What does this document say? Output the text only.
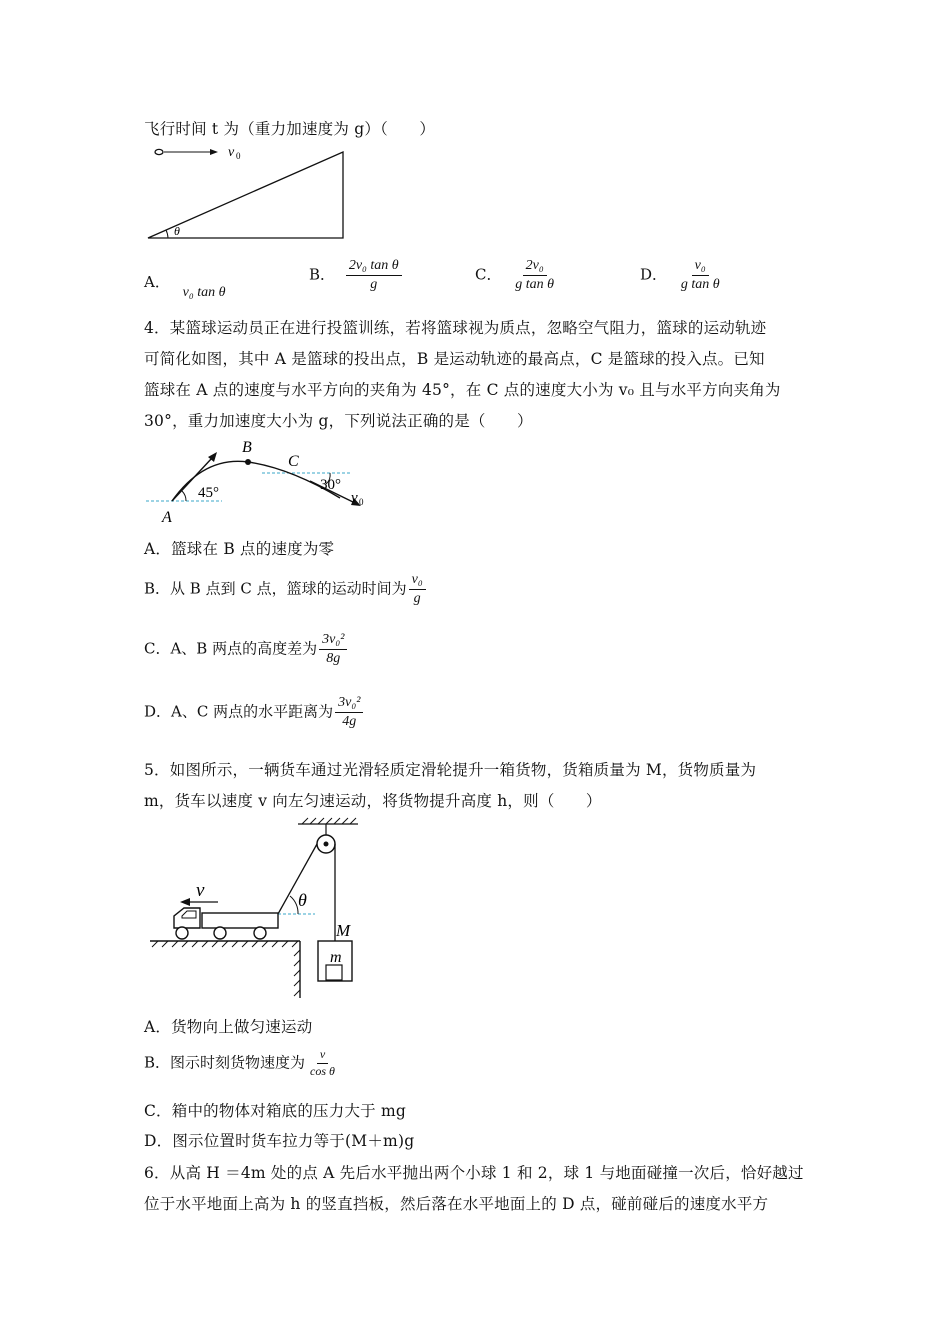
飞行时间 t 为（重力加速度为 g）（　　）
v 0
θ
A． v₀ tan θ
B． $\frac{\text{2v₀ tan θ}}{g}$	C． $\frac{\text{2v₀}}{\text{g tan θ}}$	D． $\frac{\text{v₀}}{\text{g tan θ}}$
4．某篮球运动员正在进行投篮训练，若将篮球视为质点，忽略空气阻力，篮球的运动轨迹
可简化如图，其中 A 是篮球的投出点，B 是运动轨迹的最高点，C 是篮球的投入点。已知
篮球在 A 点的速度与水平方向的夹角为 45°，在 C 点的速度大小为 v₀ 且与水平方向夹角为
30°，重力加速度大小为 g，下列说法正确的是（　　）
45°	30°
A
B
C
v 0
A．篮球在 B 点的速度为零
B．从 B 点到 C 点，篮球的运动时间为 $\frac{\text{v₀}}{g}$
C．A、B 两点的高度差为 $\frac{\text{3v₀²}}{8g}$
D．A、C 两点的水平距离为 $\frac{\text{3v₀²}}{4g}$
5．如图所示，一辆货车通过光滑轻质定滑轮提升一箱货物，货箱质量为 M，货物质量为
m，货车以速度 v 向左匀速运动，将货物提升高度 h，则（　　）
θ
m
M
v
A．货物向上做匀速运动
B．图示时刻货物速度为 $\frac{v}{\text{cos θ}}$
C．箱中的物体对箱底的压力大于 mg
D．图示位置时货车拉力等于(M＋m)g
6．从高 H ＝4m 处的点 A 先后水平抛出两个小球 1 和 2，球 1 与地面碰撞一次后，恰好越过
位于水平地面上高为 h 的竖直挡板，然后落在水平地面上的 D 点，碰前碰后的速度水平方
